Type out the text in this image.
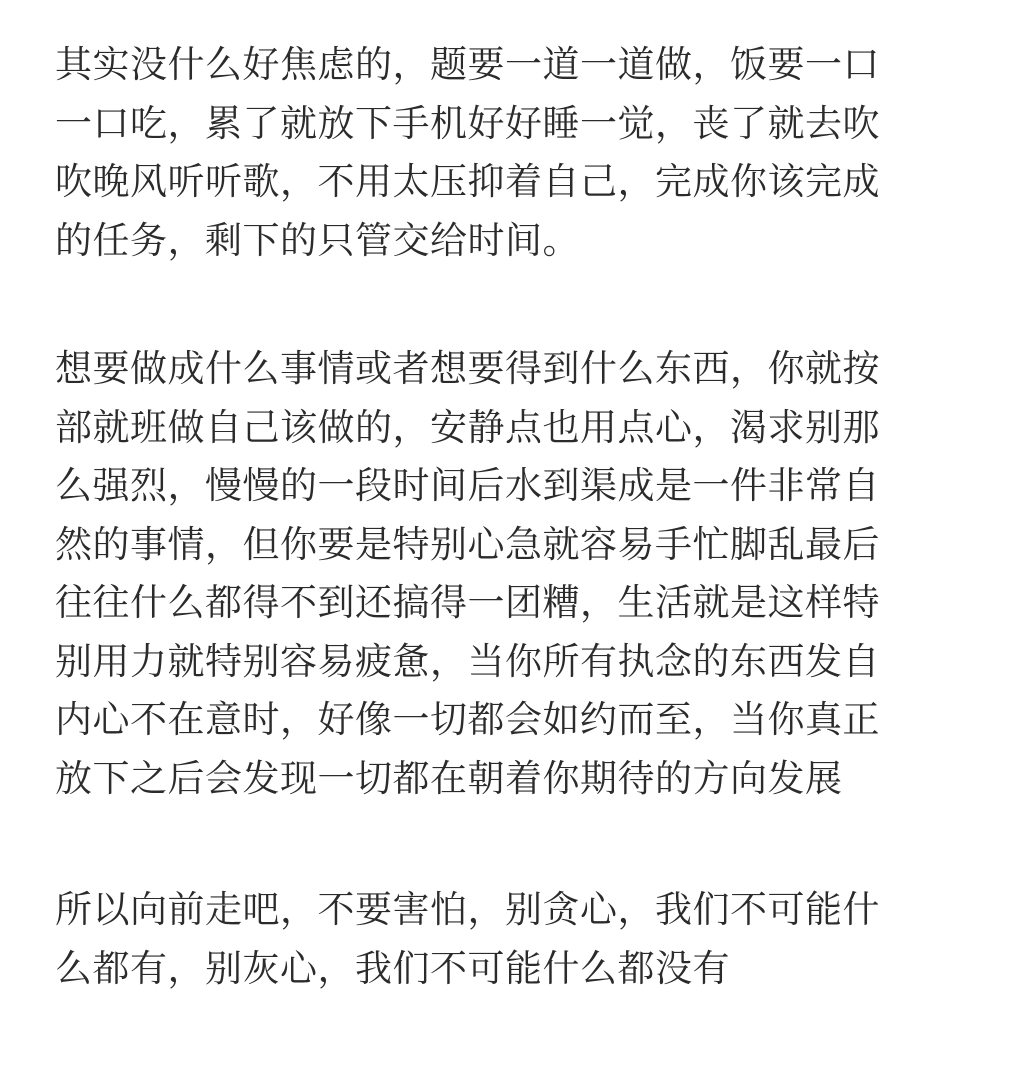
其实没什么好焦虑的，题要一道一道做，饭要一口
一口吃，累了就放下手机好好睡一觉，丧了就去吹
吹晚风听听歌，不用太压抑着自己，完成你该完成
的任务，剩下的只管交给时间。

想要做成什么事情或者想要得到什么东西，你就按
部就班做自己该做的，安静点也用点心，渴求别那
么强烈，慢慢的一段时间后水到渠成是一件非常自
然的事情，但你要是特别心急就容易手忙脚乱最后
往往什么都得不到还搞得一团糟，生活就是这样特
别用力就特别容易疲惫，当你所有执念的东西发自
内心不在意时，好像一切都会如约而至，当你真正
放下之后会发现一切都在朝着你期待的方向发展

所以向前走吧，不要害怕，别贪心，我们不可能什
么都有，别灰心，我们不可能什么都没有
